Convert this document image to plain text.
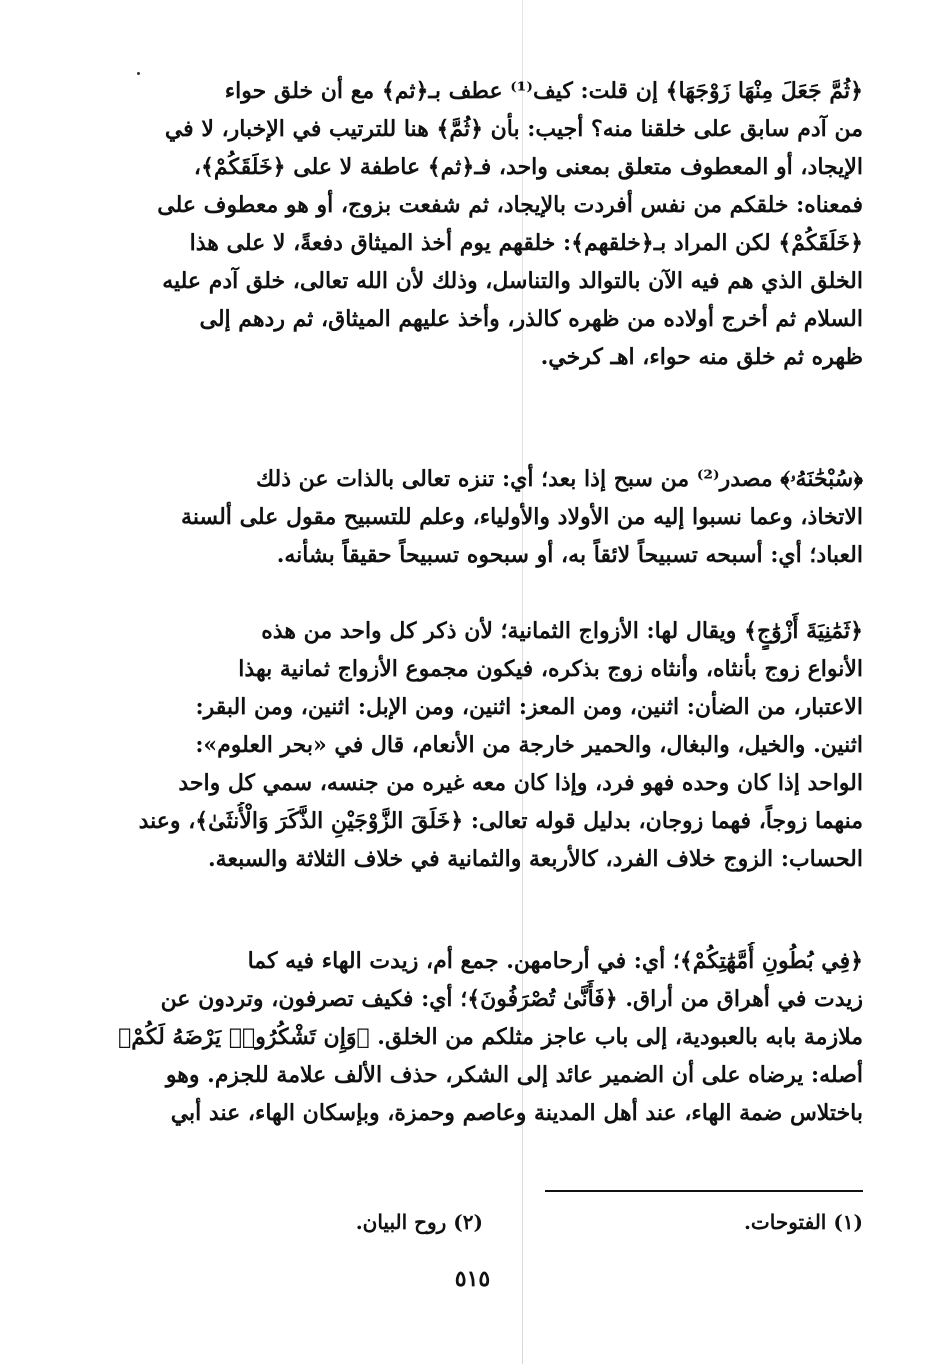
﴿ثُمَّ جَعَلَ مِنْهَا زَوْجَهَا﴾ إن قلت: كيف⁽¹⁾ عطف بـ﴿ثم﴾ مع أن خلق حواء
من آدم سابق على خلقنا منه؟ أجيب: بأن ﴿ثُمَّ﴾ هنا للترتيب في الإخبار، لا في
الإيجاد، أو المعطوف متعلق بمعنى واحد، فـ﴿ثم﴾ عاطفة لا على ﴿خَلَقَكُمْ﴾،
فمعناه: خلقكم من نفس أفردت بالإيجاد، ثم شفعت بزوج، أو هو معطوف على
﴿خَلَقَكُمْ﴾ لكن المراد بـ﴿خلقهم﴾: خلقهم يوم أخذ الميثاق دفعةً، لا على هذا
الخلق الذي هم فيه الآن بالتوالد والتناسل، وذلك لأن الله تعالى، خلق آدم عليه
السلام ثم أخرج أولاده من ظهره كالذر، وأخذ عليهم الميثاق، ثم ردهم إلى
ظهره ثم خلق منه حواء، اهـ كرخي.
﴿سُبْحَٰنَهُۥ﴾ مصدر⁽²⁾ من سبح إذا بعد؛ أي: تنزه تعالى بالذات عن ذلك
الاتخاذ، وعما نسبوا إليه من الأولاد والأولياء، وعلم للتسبيح مقول على ألسنة
العباد؛ أي: أسبحه تسبيحاً لائقاً به، أو سبحوه تسبيحاً حقيقاً بشأنه.
﴿ثَمَٰنِيَةَ أَزْوَٰجٍ﴾ ويقال لها: الأزواج الثمانية؛ لأن ذكر كل واحد من هذه
الأنواع زوج بأنثاه، وأنثاه زوج بذكره، فيكون مجموع الأزواج ثمانية بهذا
الاعتبار، من الضأن: اثنين، ومن المعز: اثنين، ومن الإبل: اثنين، ومن البقر:
اثنين. والخيل، والبغال، والحمير خارجة من الأنعام، قال في «بحر العلوم»:
الواحد إذا كان وحده فهو فرد، وإذا كان معه غيره من جنسه، سمي كل واحد
منهما زوجاً، فهما زوجان، بدليل قوله تعالى: ﴿خَلَقَ الزَّوْجَيْنِ الذَّكَرَ وَالْأُنثَىٰ﴾، وعند
الحساب: الزوج خلاف الفرد، كالأربعة والثمانية في خلاف الثلاثة والسبعة.
﴿فِي بُطُونِ أُمَّهَٰتِكُمْ﴾؛ أي: في أرحامهن. جمع أم، زيدت الهاء فيه كما
زيدت في أهراق من أراق. ﴿فَأَنَّىٰ تُصْرَفُونَ﴾؛ أي: فكيف تصرفون، وتردون عن
ملازمة بابه بالعبودية، إلى باب عاجز مثلكم من الخلق. ﴿وَإِن تَشْكُرُوا۟ يَرْضَهُ لَكُمْ﴾
أصله: يرضاه على أن الضمير عائد إلى الشكر، حذف الألف علامة للجزم. وهو
باختلاس ضمة الهاء، عند أهل المدينة وعاصم وحمزة، وبإسكان الهاء، عند أبي
(١) الفتوحات.
(٢) روح البيان.
٥١٥
